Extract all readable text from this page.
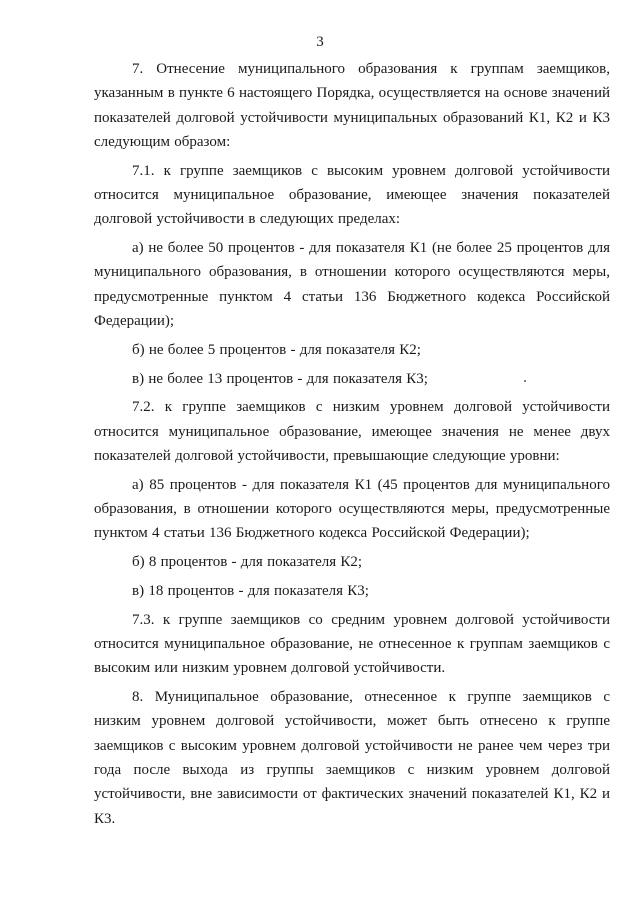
3

7. Отнесение муниципального образования к группам заемщиков, указанным в пункте 6 настоящего Порядка, осуществляется на основе значений показателей долговой устойчивости муниципальных образований К1, К2 и К3 следующим образом:

7.1. к группе заемщиков с высоким уровнем долговой устойчивости относится муниципальное образование, имеющее значения показателей долговой устойчивости в следующих пределах:

а) не более 50 процентов - для показателя К1 (не более 25 процентов для муниципального образования, в отношении которого осуществляются меры, предусмотренные пунктом 4 статьи 136 Бюджетного кодекса Российской Федерации);

б) не более 5 процентов - для показателя К2;

в) не более 13 процентов - для показателя К3;

7.2. к группе заемщиков с низким уровнем долговой устойчивости относится муниципальное образование, имеющее значения не менее двух показателей долговой устойчивости, превышающие следующие уровни:

а) 85 процентов - для показателя К1 (45 процентов для муниципального образования, в отношении которого осуществляются меры, предусмотренные пунктом 4 статьи 136 Бюджетного кодекса Российской Федерации);

б) 8 процентов - для показателя К2;

в) 18 процентов - для показателя К3;

7.3. к группе заемщиков со средним уровнем долговой устойчивости относится муниципальное образование, не отнесенное к группам заемщиков с высоким или низким уровнем долговой устойчивости.

8. Муниципальное образование, отнесенное к группе заемщиков с низким уровнем долговой устойчивости, может быть отнесено к группе заемщиков с высоким уровнем долговой устойчивости не ранее чем через три года после выхода из группы заемщиков с низким уровнем долговой устойчивости, вне зависимости от фактических значений показателей К1, К2 и К3.
